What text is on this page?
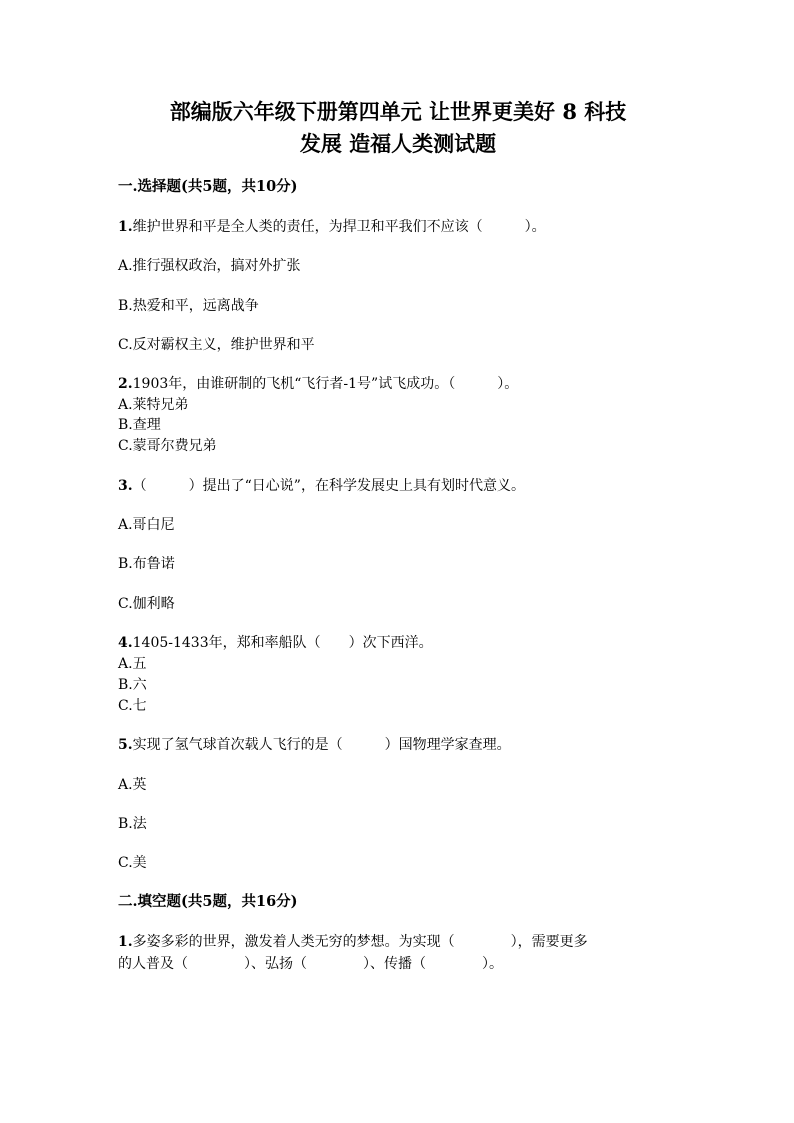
部编版六年级下册第四单元 让世界更美好 8 科技
发展 造福人类测试题
一.选择题(共5题，共10分)
1.维护世界和平是全人类的责任，为捍卫和平我们不应该（　　　）。
A.推行强权政治，搞对外扩张
B.热爱和平，远离战争
C.反对霸权主义，维护世界和平
2.1903年，由谁研制的飞机“飞行者-1号”试飞成功。（　　　）。
A.莱特兄弟
B.查理
C.蒙哥尔费兄弟
3.（　　　）提出了“日心说”，在科学发展史上具有划时代意义。
A.哥白尼
B.布鲁诺
C.伽利略
4.1405-1433年，郑和率船队（　　）次下西洋。
A.五
B.六
C.七
5.实现了氢气球首次载人飞行的是（　　　）国物理学家查理。
A.英
B.法
C.美
二.填空题(共5题，共16分)
1.多姿多彩的世界，激发着人类无穷的梦想。为实现（　　　　），需要更多
的人普及（　　　　）、弘扬（　　　　）、传播（　　　　）。
